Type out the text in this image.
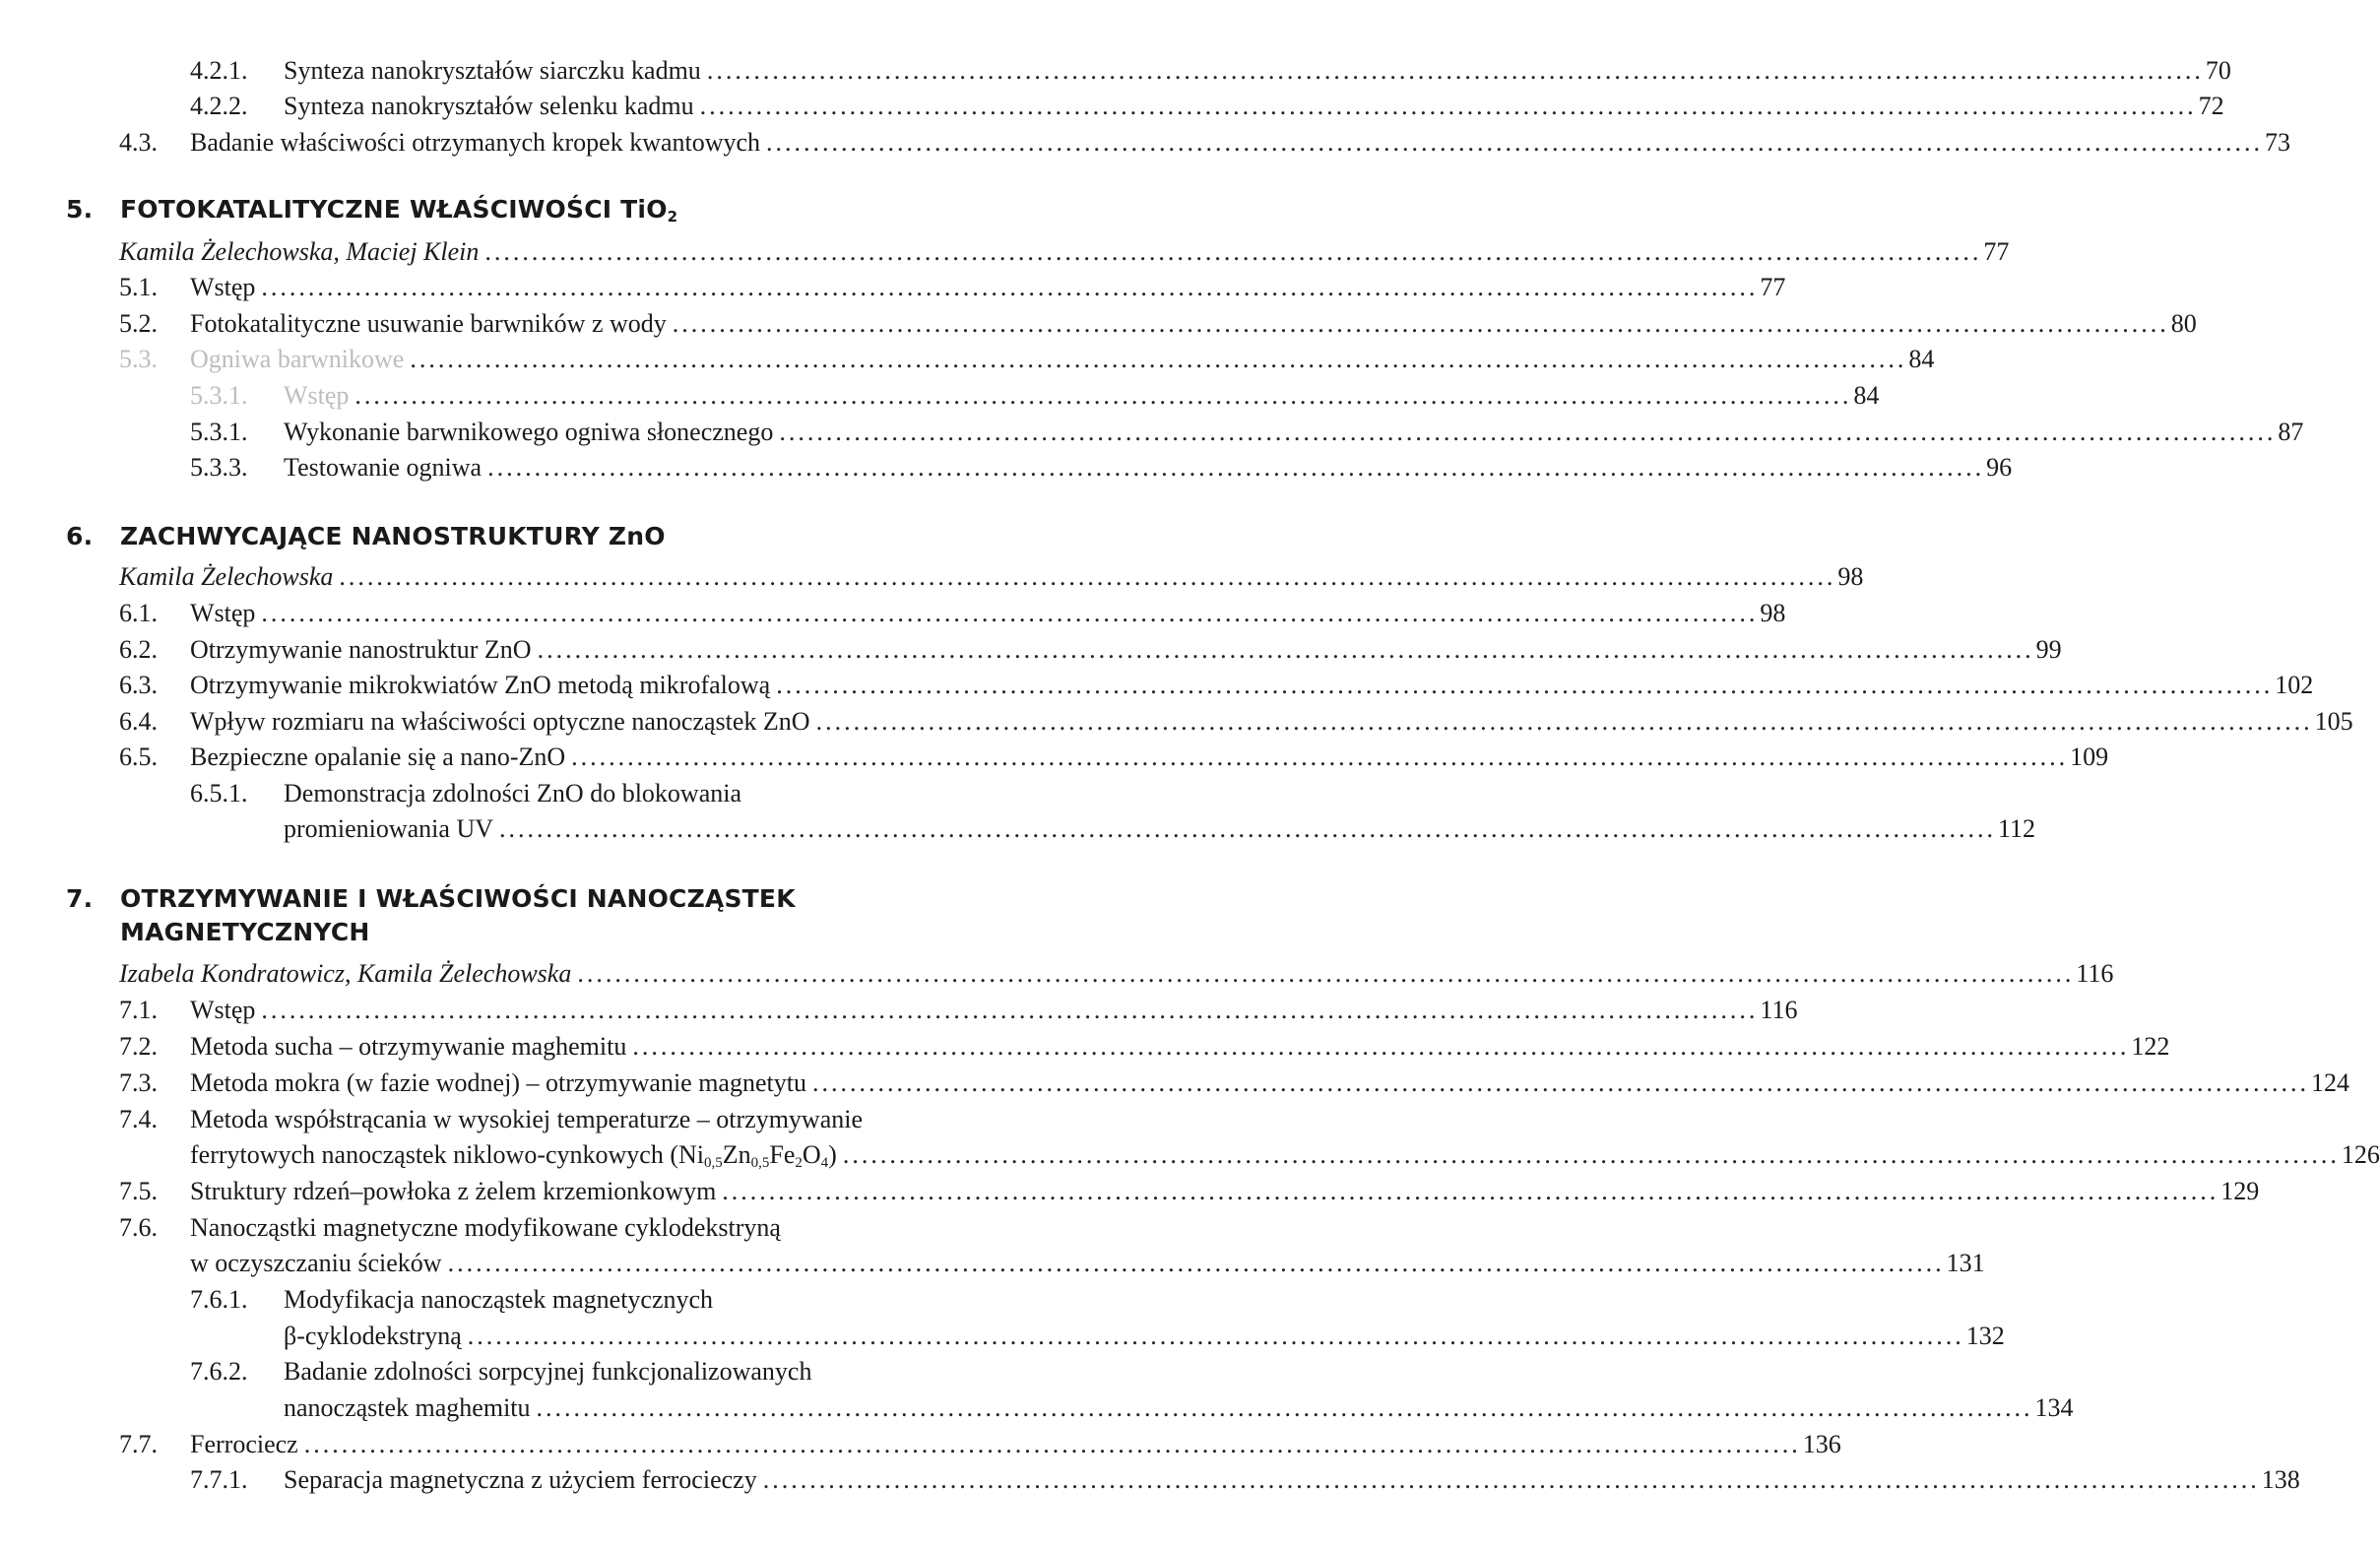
4.2.1. Synteza nanokryształów siarczku kadmu ................................................................................................................................................................ 70
4.2.2. Synteza nanokryształów selenku kadmu ................................................................................................................................................................ 72
4.3. Badanie właściwości otrzymanych kropek kwantowych ................................................................................................................................................................ 73
5. FOTOKATALITYCZNE WŁAŚCIWOŚCI TiO$_2$
Kamila Żelechowska, Maciej Klein ................................................................................................................................................................ 77
5.1. Wstęp ................................................................................................................................................................ 77
5.2. Fotokatalityczne usuwanie barwników z wody ................................................................................................................................................................ 80
5.3. Ogniwa barwnikowe ................................................................................................................................................................ 84
5.3.1. Wstęp ................................................................................................................................................................ 84
5.3.1. Wykonanie barwnikowego ogniwa słonecznego ................................................................................................................................................................ 87
5.3.3. Testowanie ogniwa ................................................................................................................................................................ 96
6. ZACHWYCAJĄCE NANOSTRUKTURY ZnO
Kamila Żelechowska ................................................................................................................................................................ 98
6.1. Wstęp ................................................................................................................................................................ 98
6.2. Otrzymywanie nanostruktur ZnO ................................................................................................................................................................ 99
6.3. Otrzymywanie mikrokwiatów ZnO metodą mikrofalową ................................................................................................................................................................ 102
6.4. Wpływ rozmiaru na właściwości optyczne nanocząstek ZnO ................................................................................................................................................................ 105
6.5. Bezpieczne opalanie się a nano-ZnO ................................................................................................................................................................ 109
6.5.1. Demonstracja zdolności ZnO do blokowania
promieniowania UV ................................................................................................................................................................ 112
7. OTRZYMYWANIE I WŁAŚCIWOŚCI NANOCZĄSTEK
MAGNETYCZNYCH
Izabela Kondratowicz, Kamila Żelechowska ................................................................................................................................................................ 116
7.1. Wstęp ................................................................................................................................................................ 116
7.2. Metoda sucha – otrzymywanie maghemitu ................................................................................................................................................................ 122
7.3. Metoda mokra (w fazie wodnej) – otrzymywanie magnetytu ................................................................................................................................................................ 124
7.4. Metoda współstrącania w wysokiej temperaturze – otrzymywanie
ferrytowych nanocząstek niklowo-cynkowych $(Ni_{0,5}Zn_{0,5}Fe_2O_4)$ ................................................................................................................................................................ 126
7.5. Struktury rdzeń–powłoka z żelem krzemionkowym ................................................................................................................................................................ 129
7.6. Nanocząstki magnetyczne modyfikowane cyklodekstryną
w oczyszczaniu ścieków ................................................................................................................................................................ 131
7.6.1. Modyfikacja nanocząstek magnetycznych
β-cyklodekstryną ................................................................................................................................................................ 132
7.6.2. Badanie zdolności sorpcyjnej funkcjonalizowanych
nanocząstek maghemitu ................................................................................................................................................................ 134
7.7. Ferrociecz ................................................................................................................................................................ 136
7.7.1. Separacja magnetyczna z użyciem ferrocieczy ................................................................................................................................................................ 138
